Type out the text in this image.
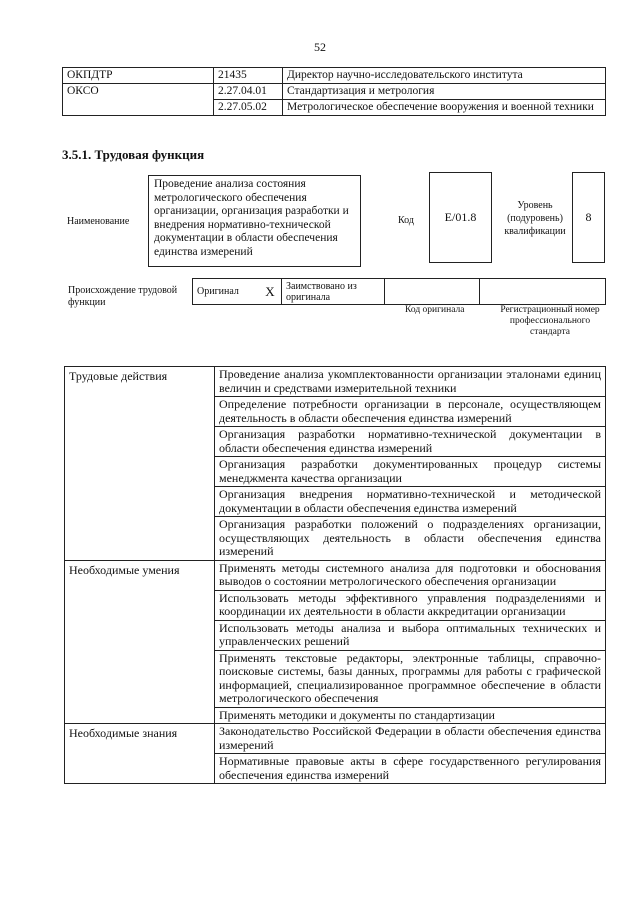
52
ОКПДТР	21435	Директор научно-исследовательского института
ОКСО	2.27.04.01	Стандартизация и метрология
	2.27.05.02	Метрологическое обеспечение вооружения и военной техники
3.5.1. Трудовая функция
Наименование
Проведение анализа состояния метрологического обеспечения организации, организация разработки и внедрения нормативно-технической документации в области обеспечения единства измерений
Код	E/01.8
Уровень (подуровень) квалификации
8
Происхождение трудовой функции
Оригинал	X	Заимствовано из оригинала		
Код оригинала	Регистрационный номер профессионального стандарта
Трудовые действия	Проведение анализа укомплектованности организации эталонами единиц величин и средствами измерительной техники
	Определение потребности организации в персонале, осуществляющем деятельность в области обеспечения единства измерений
	Организация разработки нормативно-технической документации в области обеспечения единства измерений
	Организация разработки документированных процедур системы менеджмента качества организации
	Организация внедрения нормативно-технической и методической документации в области обеспечения единства измерений
	Организация разработки положений о подразделениях организации, осуществляющих деятельность в области обеспечения единства измерений
Необходимые умения	Применять методы системного анализа для подготовки и обоснования выводов о состоянии метрологического обеспечения организации
	Использовать методы эффективного управления подразделениями и координации их деятельности в области аккредитации организации
	Использовать методы анализа и выбора оптимальных технических и управленческих решений
	Применять текстовые редакторы, электронные таблицы, справочно-поисковые системы, базы данных, программы для работы с графической информацией, специализированное программное обеспечение в области метрологического обеспечения
	Применять методики и документы по стандартизации
Необходимые знания	Законодательство Российской Федерации в области обеспечения единства измерений
	Нормативные правовые акты в сфере государственного регулирования обеспечения единства измерений
